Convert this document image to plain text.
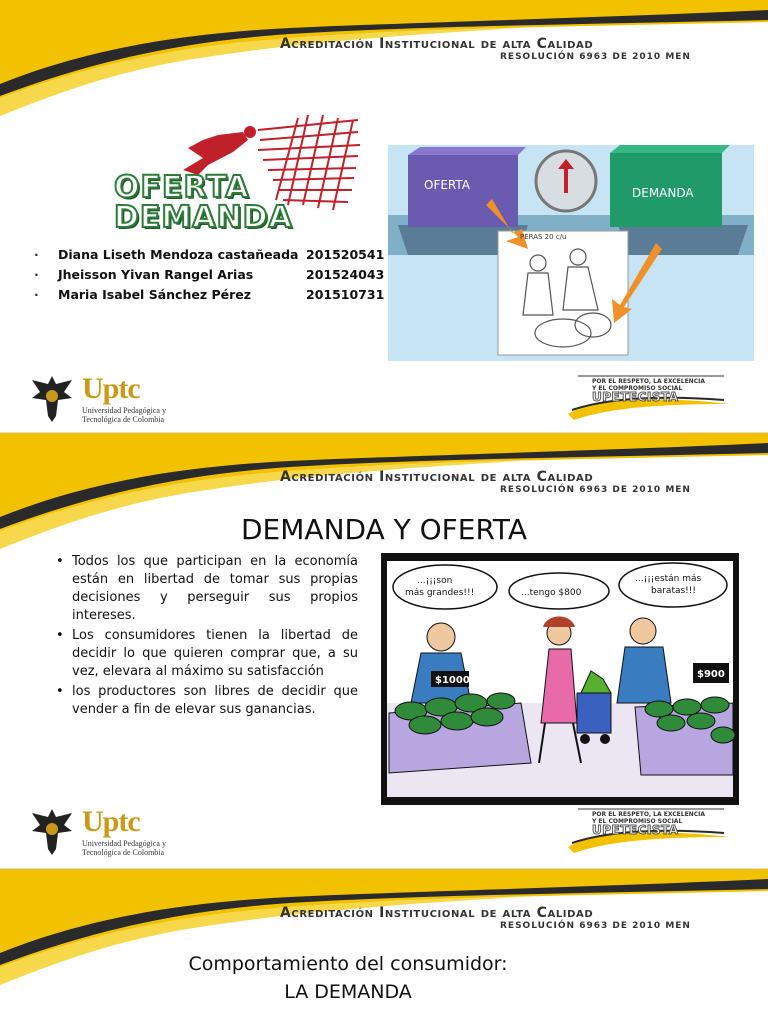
Acreditación Institucional de alta Calidad
RESOLUCIÓN 6963 DE 2010 MEN
OFERTA
DEMANDA
·	Diana Liseth Mendoza castañeada 201520541
·	Jheisson Yivan Rangel Arias	201524043
·	Maria Isabel Sánchez Pérez	201510731
PERAS 20 c/u
OFERTA
DEMANDA
Uptc
Universidad Pedagógica y
Tecnológica de Colombia
POR EL RESPETO, LA EXCELENCIA
Y EL COMPROMISO SOCIAL
UPETECISTA
Acreditación Institucional de alta Calidad
RESOLUCIÓN 6963 DE 2010 MEN
DEMANDA Y OFERTA
• Todos los que participan en la economía están en libertad de tomar sus propias decisiones y perseguir sus propios intereses.
• Los consumidores tienen la libertad de decidir lo que quieren comprar que, a su vez, elevara al máximo su satisfacción
• los productores son libres de decidir que vender a fin de elevar sus ganancias.
...¡¡¡son
más grandes!!!	...tengo $800
...¡¡¡están más
baratas!!!
$1000
$900
Uptc
Universidad Pedagógica y
Tecnológica de Colombia
POR EL RESPETO, LA EXCELENCIA
Y EL COMPROMISO SOCIAL
UPETECISTA
Acreditación Institucional de alta Calidad
RESOLUCIÓN 6963 DE 2010 MEN
Comportamiento del consumidor:
LA DEMANDA
